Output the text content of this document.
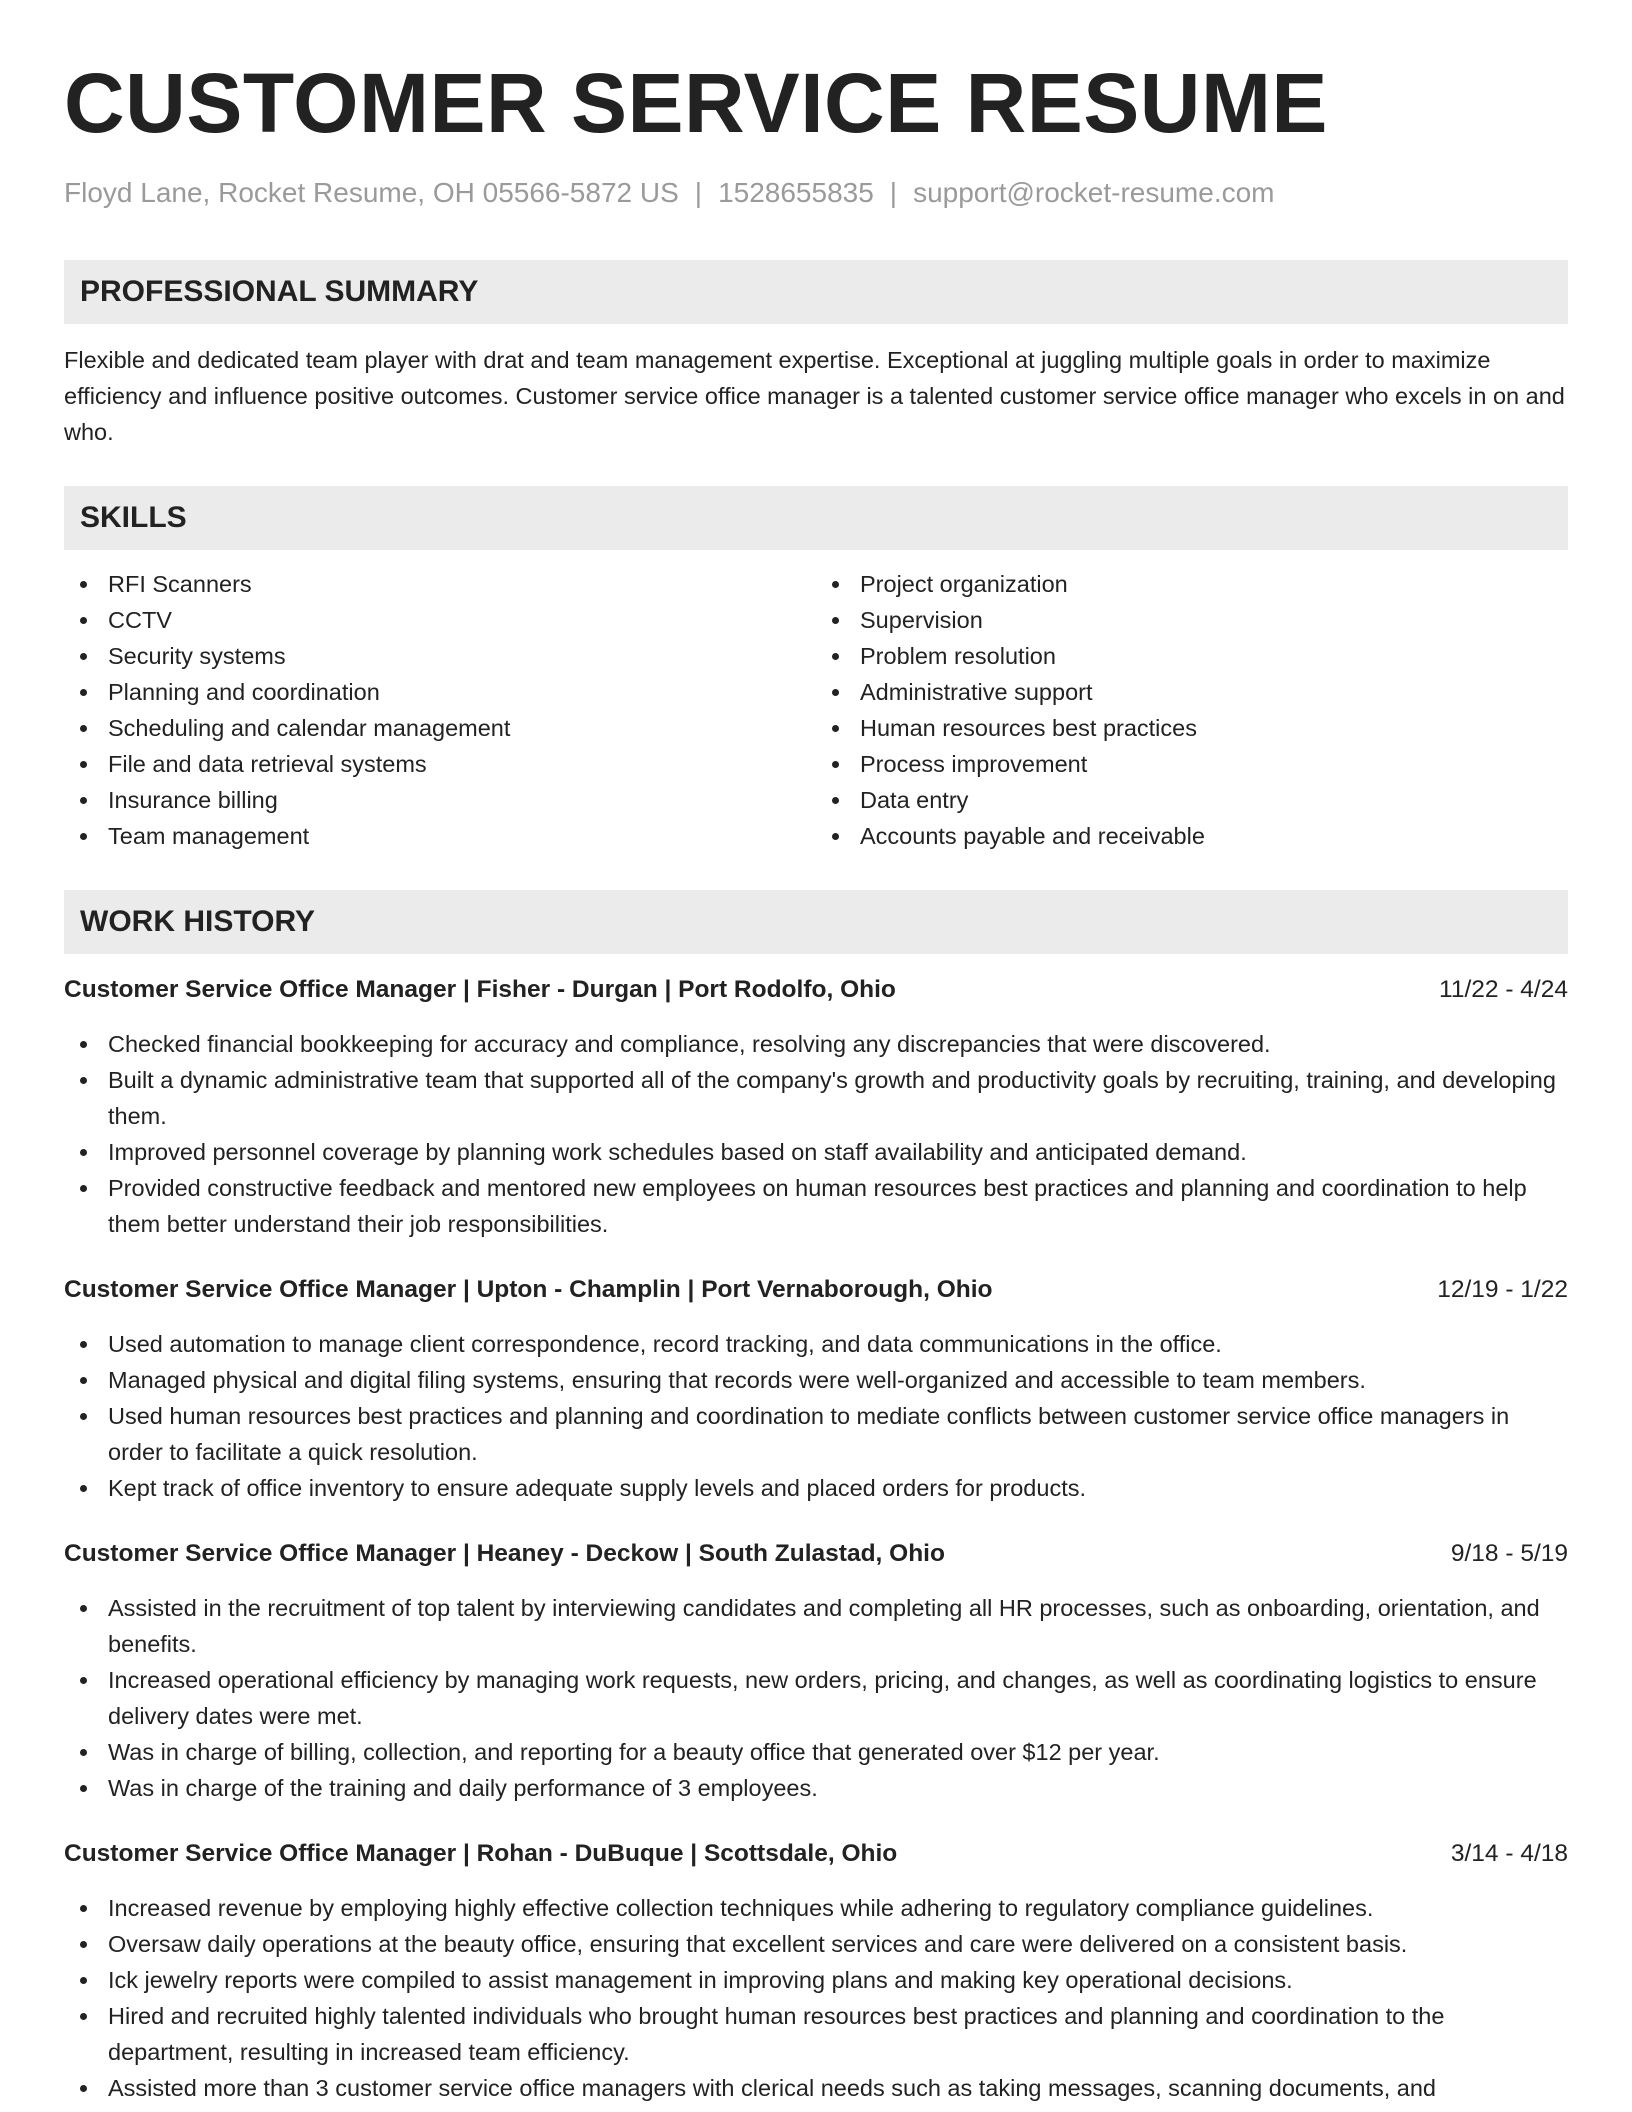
CUSTOMER SERVICE RESUME
Floyd Lane, Rocket Resume, OH 05566-5872 US | 1528655835 | support@rocket-resume.com
PROFESSIONAL SUMMARY

Flexible and dedicated team player with drat and team management expertise. Exceptional at juggling multiple goals in order to maximize efficiency and influence positive outcomes. Customer service office manager is a talented customer service office manager who excels in on and who.

SKILLS
RFI Scanners
CCTV
Security systems
Planning and coordination
Scheduling and calendar management
File and data retrieval systems
Insurance billing
Team management
Project organization
Supervision
Problem resolution
Administrative support
Human resources best practices
Process improvement
Data entry
Accounts payable and receivable
WORK HISTORY
Customer Service Office Manager | Fisher - Durgan | Port Rodolfo, Ohio	11/22 - 4/24
Checked financial bookkeeping for accuracy and compliance, resolving any discrepancies that were discovered.
Built a dynamic administrative team that supported all of the company's growth and productivity goals by recruiting, training, and developing them.
Improved personnel coverage by planning work schedules based on staff availability and anticipated demand.
Provided constructive feedback and mentored new employees on human resources best practices and planning and coordination to help them better understand their job responsibilities.
Customer Service Office Manager | Upton - Champlin | Port Vernaborough, Ohio	12/19 - 1/22
Used automation to manage client correspondence, record tracking, and data communications in the office.
Managed physical and digital filing systems, ensuring that records were well-organized and accessible to team members.
Used human resources best practices and planning and coordination to mediate conflicts between customer service office managers in order to facilitate a quick resolution.
Kept track of office inventory to ensure adequate supply levels and placed orders for products.
Customer Service Office Manager | Heaney - Deckow | South Zulastad, Ohio	9/18 - 5/19
Assisted in the recruitment of top talent by interviewing candidates and completing all HR processes, such as onboarding, orientation, and benefits.
Increased operational efficiency by managing work requests, new orders, pricing, and changes, as well as coordinating logistics to ensure delivery dates were met.
Was in charge of billing, collection, and reporting for a beauty office that generated over $12 per year.
Was in charge of the training and daily performance of 3 employees.
Customer Service Office Manager | Rohan - DuBuque | Scottsdale, Ohio	3/14 - 4/18
Increased revenue by employing highly effective collection techniques while adhering to regulatory compliance guidelines.
Oversaw daily operations at the beauty office, ensuring that excellent services and care were delivered on a consistent basis.
Ick jewelry reports were compiled to assist management in improving plans and making key operational decisions.
Hired and recruited highly talented individuals who brought human resources best practices and planning and coordination to the department, resulting in increased team efficiency.
Assisted more than 3 customer service office managers with clerical needs such as taking messages, scanning documents, and
